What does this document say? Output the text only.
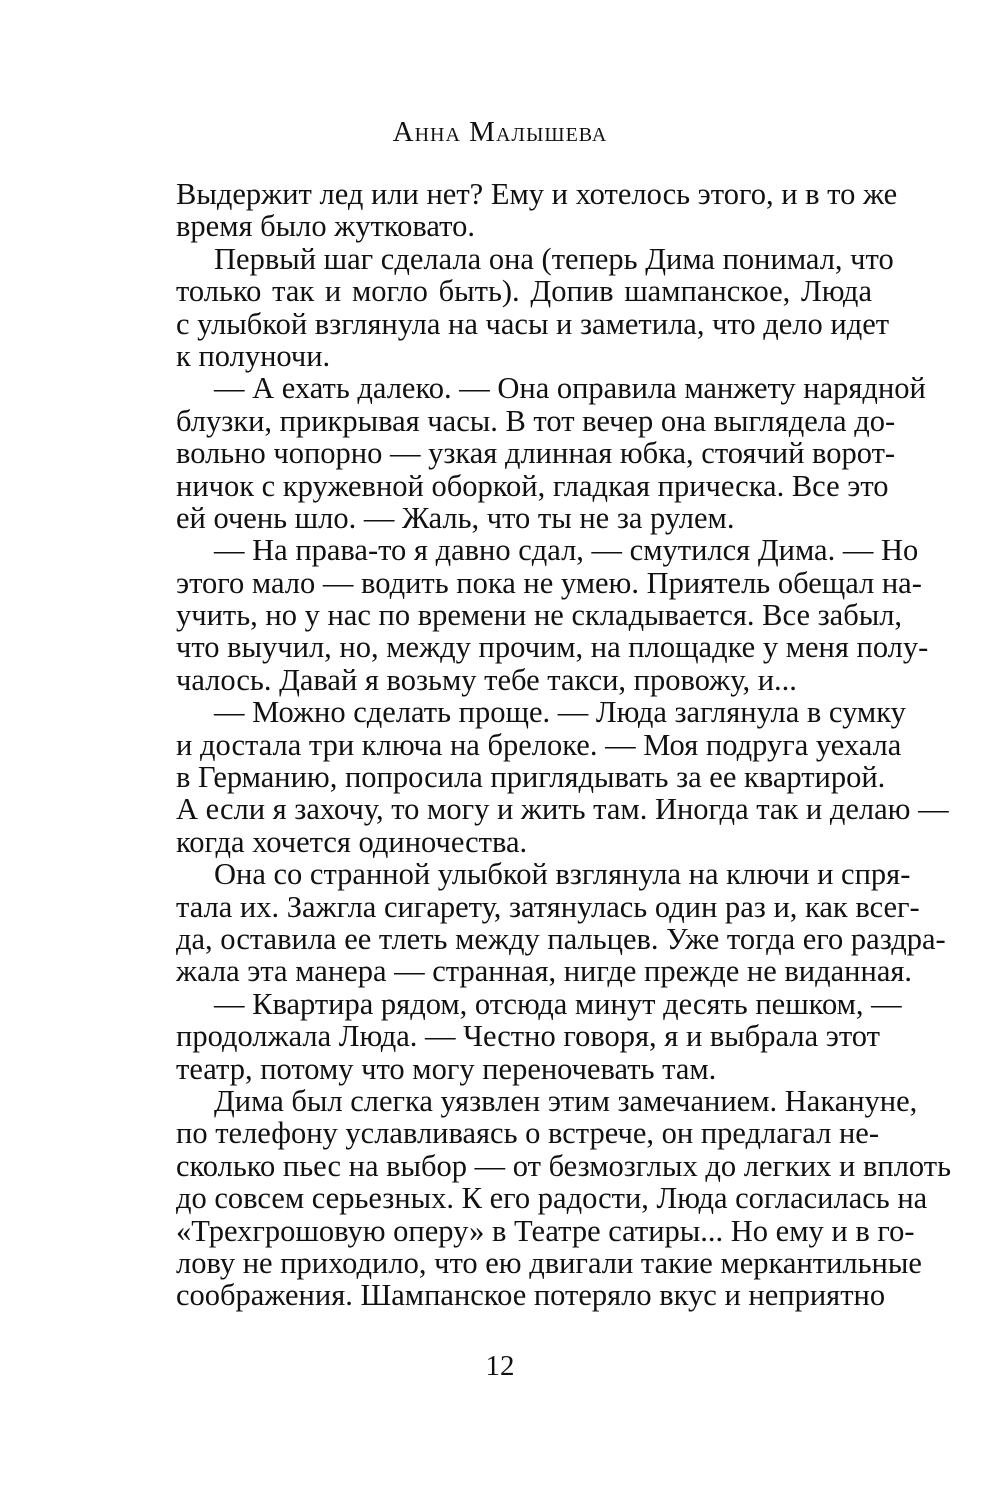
Анна Малышева
Выдержит лед или нет? Ему и хотелось этого, и в то же
время было жутковато.
Первый шаг сделала она (теперь Дима понимал, что
только так и могло быть). Допив шампанское, Люда
с улыбкой взглянула на часы и заметила, что дело идет
к полуночи.
— А ехать далеко. — Она оправила манжету нарядной
блузки, прикрывая часы. В тот вечер она выглядела до-
вольно чопорно — узкая длинная юбка, стоячий ворот-
ничок с кружевной оборкой, гладкая прическа. Все это
ей очень шло. — Жаль, что ты не за рулем.
— На права-то я давно сдал, — смутился Дима. — Но
этого мало — водить пока не умею. Приятель обещал на-
учить, но у нас по времени не складывается. Все забыл,
что выучил, но, между прочим, на площадке у меня полу-
чалось. Давай я возьму тебе такси, провожу, и...
— Можно сделать проще. — Люда заглянула в сумку
и достала три ключа на брелоке. — Моя подруга уехала
в Германию, попросила приглядывать за ее квартирой.
А если я захочу, то могу и жить там. Иногда так и делаю —
когда хочется одиночества.
Она со странной улыбкой взглянула на ключи и спря-
тала их. Зажгла сигарету, затянулась один раз и, как всег-
да, оставила ее тлеть между пальцев. Уже тогда его раздра-
жала эта манера — странная, нигде прежде не виданная.
— Квартира рядом, отсюда минут десять пешком, —
продолжала Люда. — Честно говоря, я и выбрала этот
театр, потому что могу переночевать там.
Дима был слегка уязвлен этим замечанием. Накануне,
по телефону уславливаясь о встрече, он предлагал не-
сколько пьес на выбор — от безмозглых до легких и вплоть
до совсем серьезных. К его радости, Люда согласилась на
«Трехгрошовую оперу» в Театре сатиры... Но ему и в го-
лову не приходило, что ею двигали такие меркантильные
соображения. Шампанское потеряло вкус и неприятно
12
